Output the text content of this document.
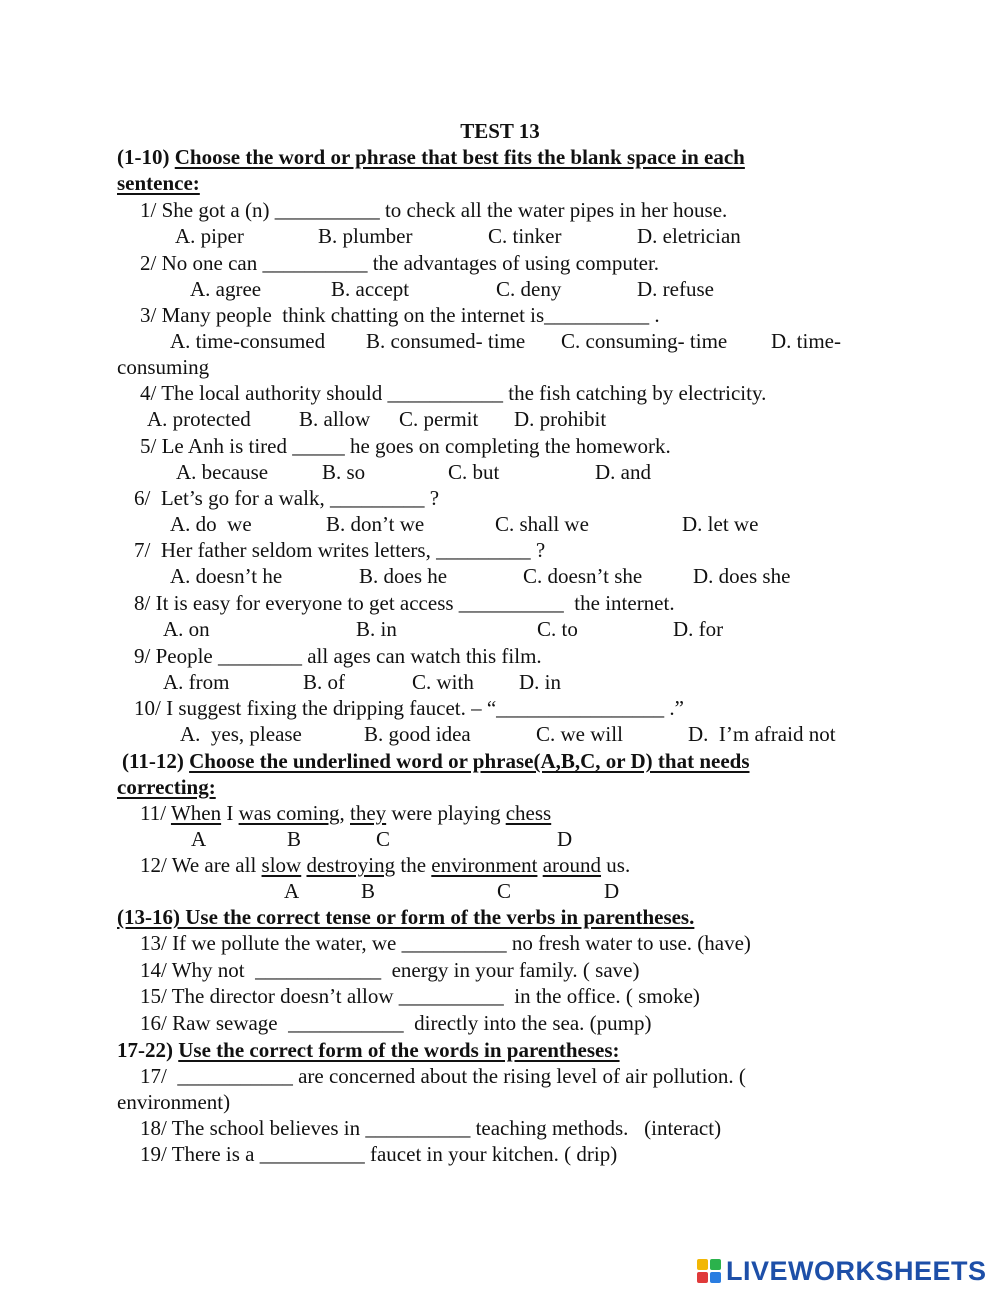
TEST 13
(1-10) Choose the word or phrase that best fits the blank space in each
sentence:
1/ She got a (n) __________ to check all the water pipes in her house.
A. piper	B. plumber	C. tinker	D. eletrician
2/ No one can __________ the advantages of using computer.
A. agree	B. accept	C. deny	D. refuse
3/ Many people  think chatting on the internet is__________ .
A. time-consumed B. consumed- time C. consuming- time D. time-
consuming
4/ The local authority should ___________ the fish catching by electricity.
A. protected B. allow C. permit D. prohibit
5/ Le Anh is tired _____ he goes on completing the homework.
A. because	B. so	C. but	D. and
6/  Let’s go for a walk, _________ ?
A. do  we	B. don’t we	C. shall we	D. let we
7/  Her father seldom writes letters, _________ ?
A. doesn’t he	B. does he	C. doesn’t she D. does she
8/ It is easy for everyone to get access __________  the internet.
A. on	B. in	C. to	D. for
9/ People ________ all ages can watch this film.
A. from	B. of	C. with D. in
10/ I suggest fixing the dripping faucet. – “________________ .”
A.  yes, please	B. good idea	C. we will	D.  I’m afraid not
(11-12) Choose the underlined word or phrase(A,B,C, or D) that needs
correcting:
11/ When I was coming, they were playing chess
A	B	C	D
12/ We are all slow destroying the environment around us.
A	B	C	D
(13-16) Use the correct tense or form of the verbs in parentheses.
13/ If we pollute the water, we __________ no fresh water to use. (have)
14/ Why not  ____________  energy in your family. ( save)
15/ The director doesn’t allow __________  in the office. ( smoke)
16/ Raw sewage  ___________  directly into the sea. (pump)
17-22) Use the correct form of the words in parentheses:
17/  ___________ are concerned about the rising level of air pollution. (
environment)
18/ The school believes in __________ teaching methods.   (interact)
19/ There is a __________ faucet in your kitchen. ( drip)
LIVEWORKSHEETS
